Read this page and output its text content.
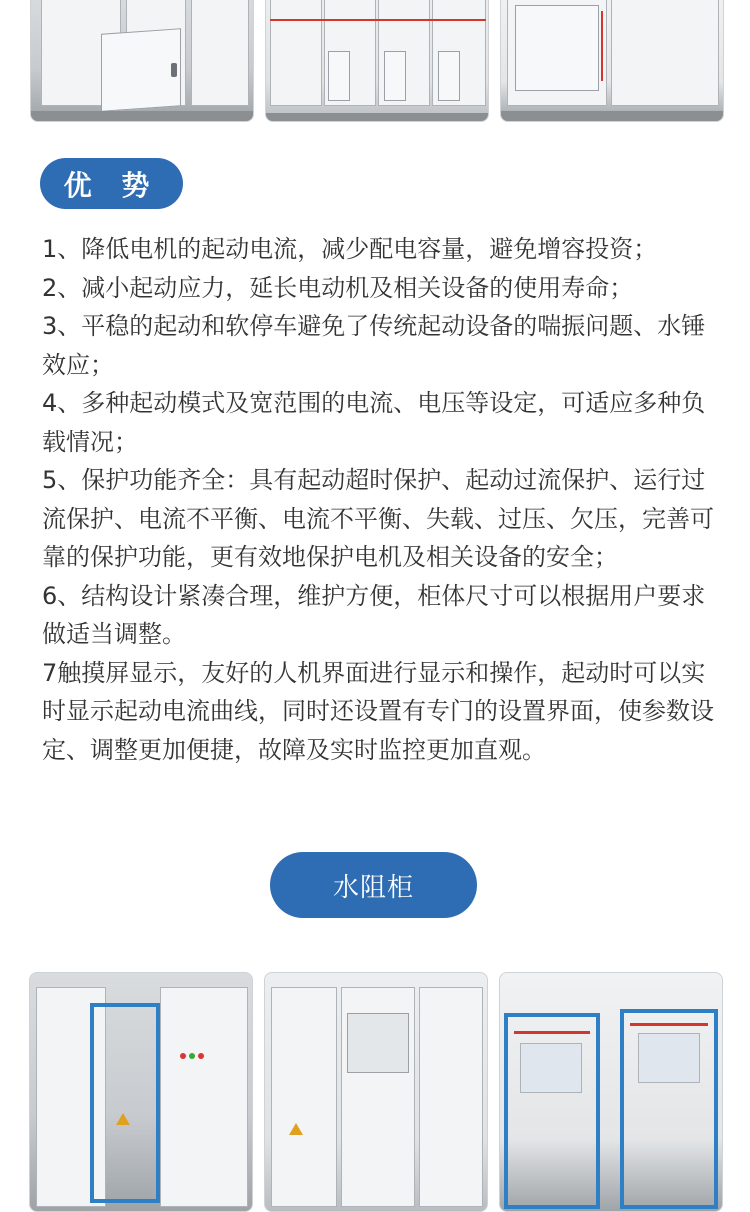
优 势
1、降低电机的起动电流，减少配电容量，避免增容投资；
2、减小起动应力，延长电动机及相关设备的使用寿命；
3、平稳的起动和软停车避免了传统起动设备的喘振问题、水锤效应；
4、多种起动模式及宽范围的电流、电压等设定，可适应多种负载情况；
5、保护功能齐全：具有起动超时保护、起动过流保护、运行过流保护、电流不平衡、电流不平衡、失载、过压、欠压，完善可靠的保护功能，更有效地保护电机及相关设备的安全；
6、结构设计紧凑合理，维护方便，柜体尺寸可以根据用户要求做适当调整。
7触摸屏显示，友好的人机界面进行显示和操作，起动时可以实时显示起动电流曲线，同时还设置有专门的设置界面，使参数设定、调整更加便捷，故障及实时监控更加直观。
水阻柜
